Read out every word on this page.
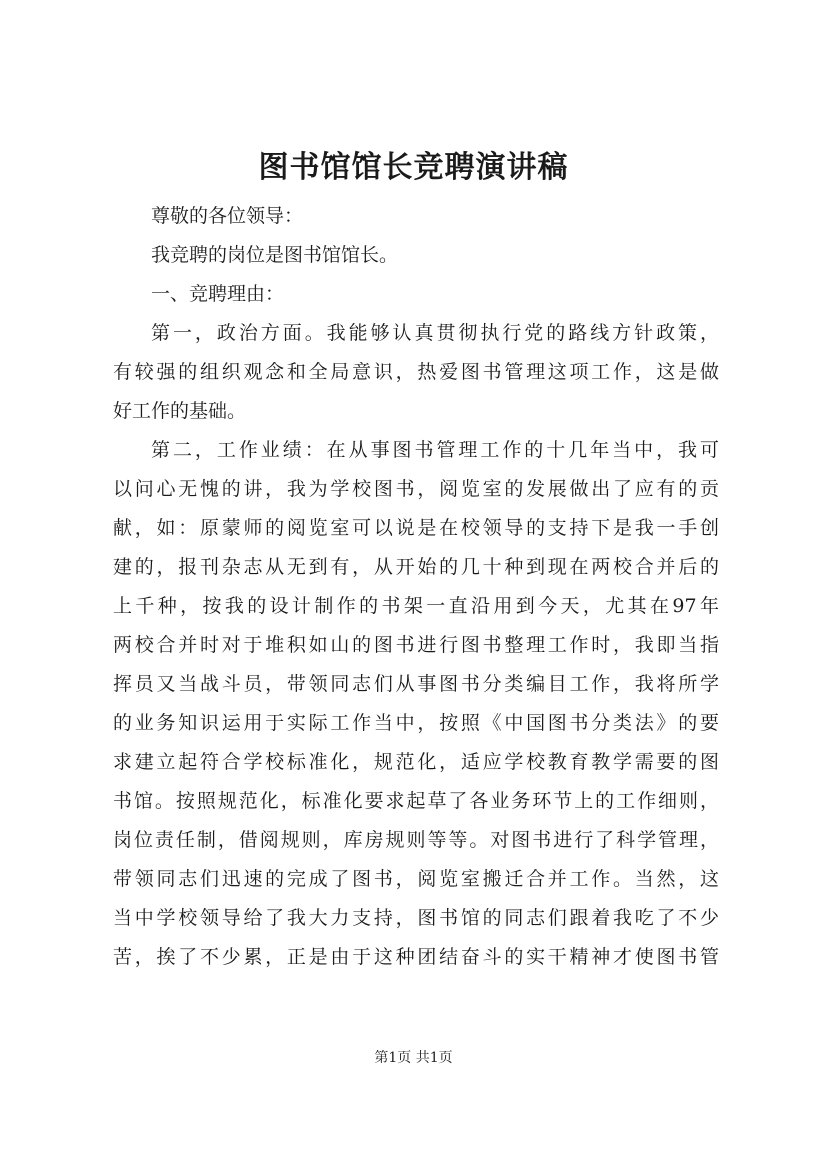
图书馆馆长竞聘演讲稿

尊敬的各位领导：

我竞聘的岗位是图书馆馆长。

一、竞聘理由：

第一，政治方面。我能够认真贯彻执行党的路线方针政策，
有较强的组织观念和全局意识，热爱图书管理这项工作，这是做
好工作的基础。

第二，工作业绩：在从事图书管理工作的十几年当中，我可
以问心无愧的讲，我为学校图书，阅览室的发展做出了应有的贡
献，如：原蒙师的阅览室可以说是在校领导的支持下是我一手创
建的，报刊杂志从无到有，从开始的几十种到现在两校合并后的
上千种，按我的设计制作的书架一直沿用到今天，尤其在97年
两校合并时对于堆积如山的图书进行图书整理工作时，我即当指
挥员又当战斗员，带领同志们从事图书分类编目工作，我将所学
的业务知识运用于实际工作当中，按照《中国图书分类法》的要
求建立起符合学校标准化，规范化，适应学校教育教学需要的图
书馆。按照规范化，标准化要求起草了各业务环节上的工作细则，
岗位责任制，借阅规则，库房规则等等。对图书进行了科学管理，
带领同志们迅速的完成了图书，阅览室搬迁合并工作。当然，这
当中学校领导给了我大力支持，图书馆的同志们跟着我吃了不少
苦，挨了不少累，正是由于这种团结奋斗的实干精神才使图书管

第1页 共1页
